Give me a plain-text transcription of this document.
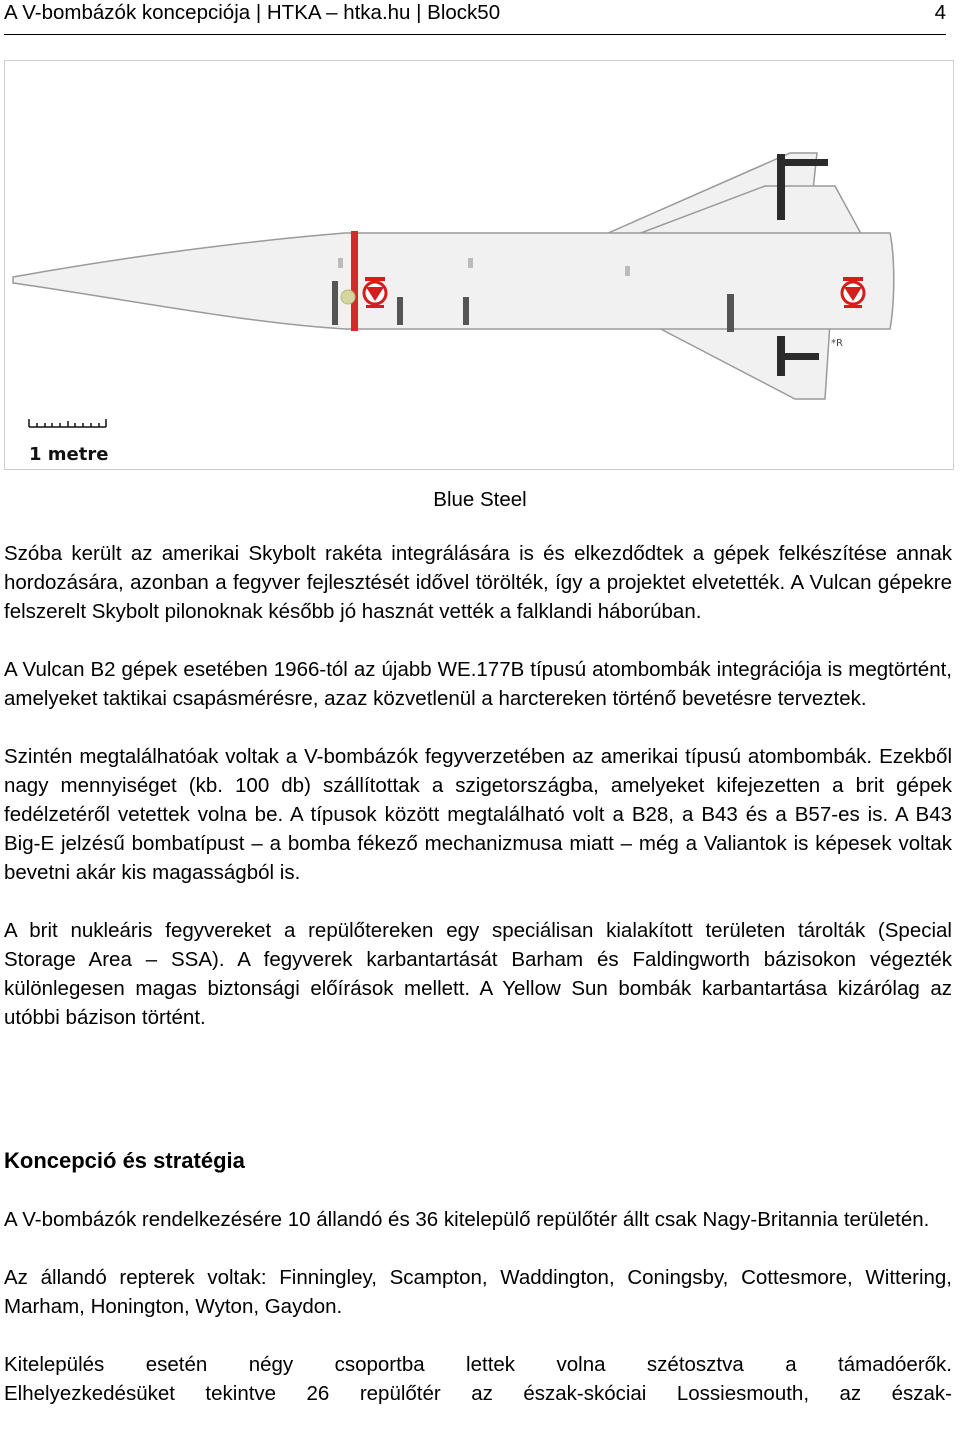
A V-bombázók koncepciója | HTKA – htka.hu | Block50	4
*R
1 metre
Blue Steel

Szóba került az amerikai Skybolt rakéta integrálására is és elkezdődtek a gépek felkészítése annak hordozására, azonban a fegyver fejlesztését idővel törölték, így a projektet elvetették. A Vulcan gépekre felszerelt Skybolt pilonoknak később jó hasznát vették a falklandi háborúban.

A Vulcan B2 gépek esetében 1966-tól az újabb WE.177B típusú atombombák integrációja is megtörtént, amelyeket taktikai csapásmérésre, azaz közvetlenül a harctereken történő bevetésre terveztek.

Szintén megtalálhatóak voltak a V-bombázók fegyverzetében az amerikai típusú atombombák. Ezekből nagy mennyiséget (kb. 100 db) szállítottak a szigetországba, amelyeket kifejezetten a brit gépek fedélzetéről vetettek volna be. A típusok között megtalálható volt a B28, a B43 és a B57-es is. A B43 Big-E jelzésű bombatípust – a bomba fékező mechanizmusa miatt – még a Valiantok is képesek voltak bevetni akár kis magasságból is.

A brit nukleáris fegyvereket a repülőtereken egy speciálisan kialakított területen tárolták (Special Storage Area – SSA). A fegyverek karbantartását Barham és Faldingworth bázisokon végezték különlegesen magas biztonsági előírások mellett. A Yellow Sun bombák karbantartása kizárólag az utóbbi bázison történt.

Koncepció és stratégia

A V-bombázók rendelkezésére 10 állandó és 36 kitelepülő repülőtér állt csak Nagy-Britannia területén.

Az állandó repterek voltak: Finningley, Scampton, Waddington, Coningsby, Cottesmore, Wittering, Marham, Honington, Wyton, Gaydon.

Kitelepülés esetén négy csoportba lettek volna szétosztva a támadóerők.

Elhelyezkedésüket tekintve 26 repülőtér az észak-skóciai Lossiesmouth, az észak-
